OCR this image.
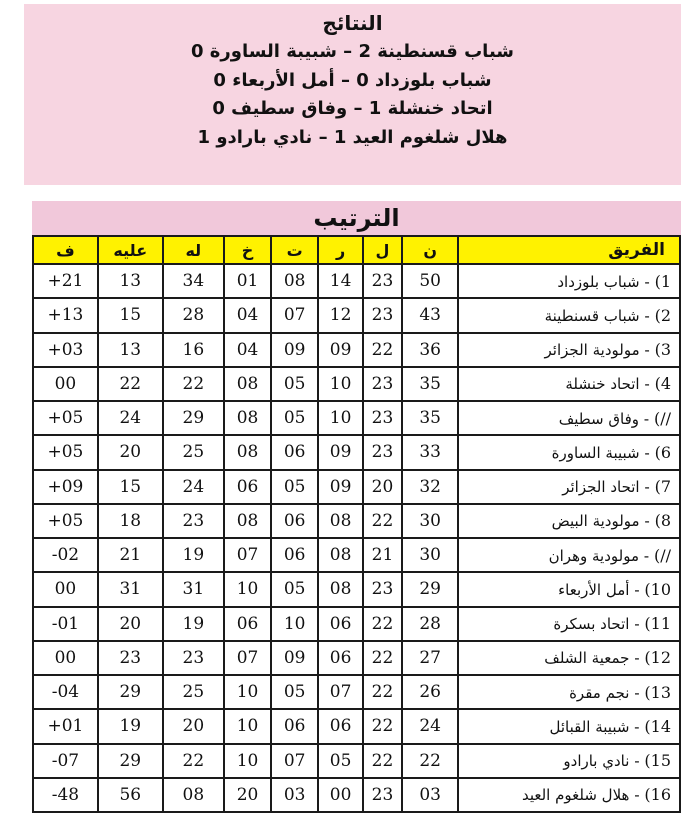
النتائج
شباب قسنطينة 2 – شبيبة الساورة 0
شباب بلوزداد 0 – أمل الأربعاء 0
اتحاد خنشلة 1 – وفاق سطيف 0
هلال شلغوم العيد 1 – نادي بارادو 1
الترتيب
الفريق	ن	ل	ر	ت	خ	له	عليه	ف
1) - شباب بلوزداد	50	23	14	08	01	34	13	21+
2) - شباب قسنطينة	43	23	12	07	04	28	15	13+
3) - مولودية الجزائر	36	22	09	09	04	16	13	03+
4) - اتحاد خنشلة	35	23	10	05	08	22	22	00
//) - وفاق سطيف	35	23	10	05	08	29	24	05+
6) - شبيبة الساورة	33	23	09	06	08	25	20	05+
7) - اتحاد الجزائر	32	20	09	05	06	24	15	09+
8) - مولودية البيض	30	22	08	06	08	23	18	05+
//) - مولودية وهران	30	21	08	06	07	19	21	02-
10) - أمل الأربعاء	29	23	08	05	10	31	31	00
11) - اتحاد بسكرة	28	22	06	10	06	19	20	01-
12) - جمعية الشلف	27	22	06	09	07	23	23	00
13) - نجم مقرة	26	22	07	05	10	25	29	04-
14) - شبيبة القبائل	24	22	06	06	10	20	19	01+
15) - نادي بارادو	22	22	05	07	10	22	29	07-
16) - هلال شلغوم العيد	03	23	00	03	20	08	56	48-
